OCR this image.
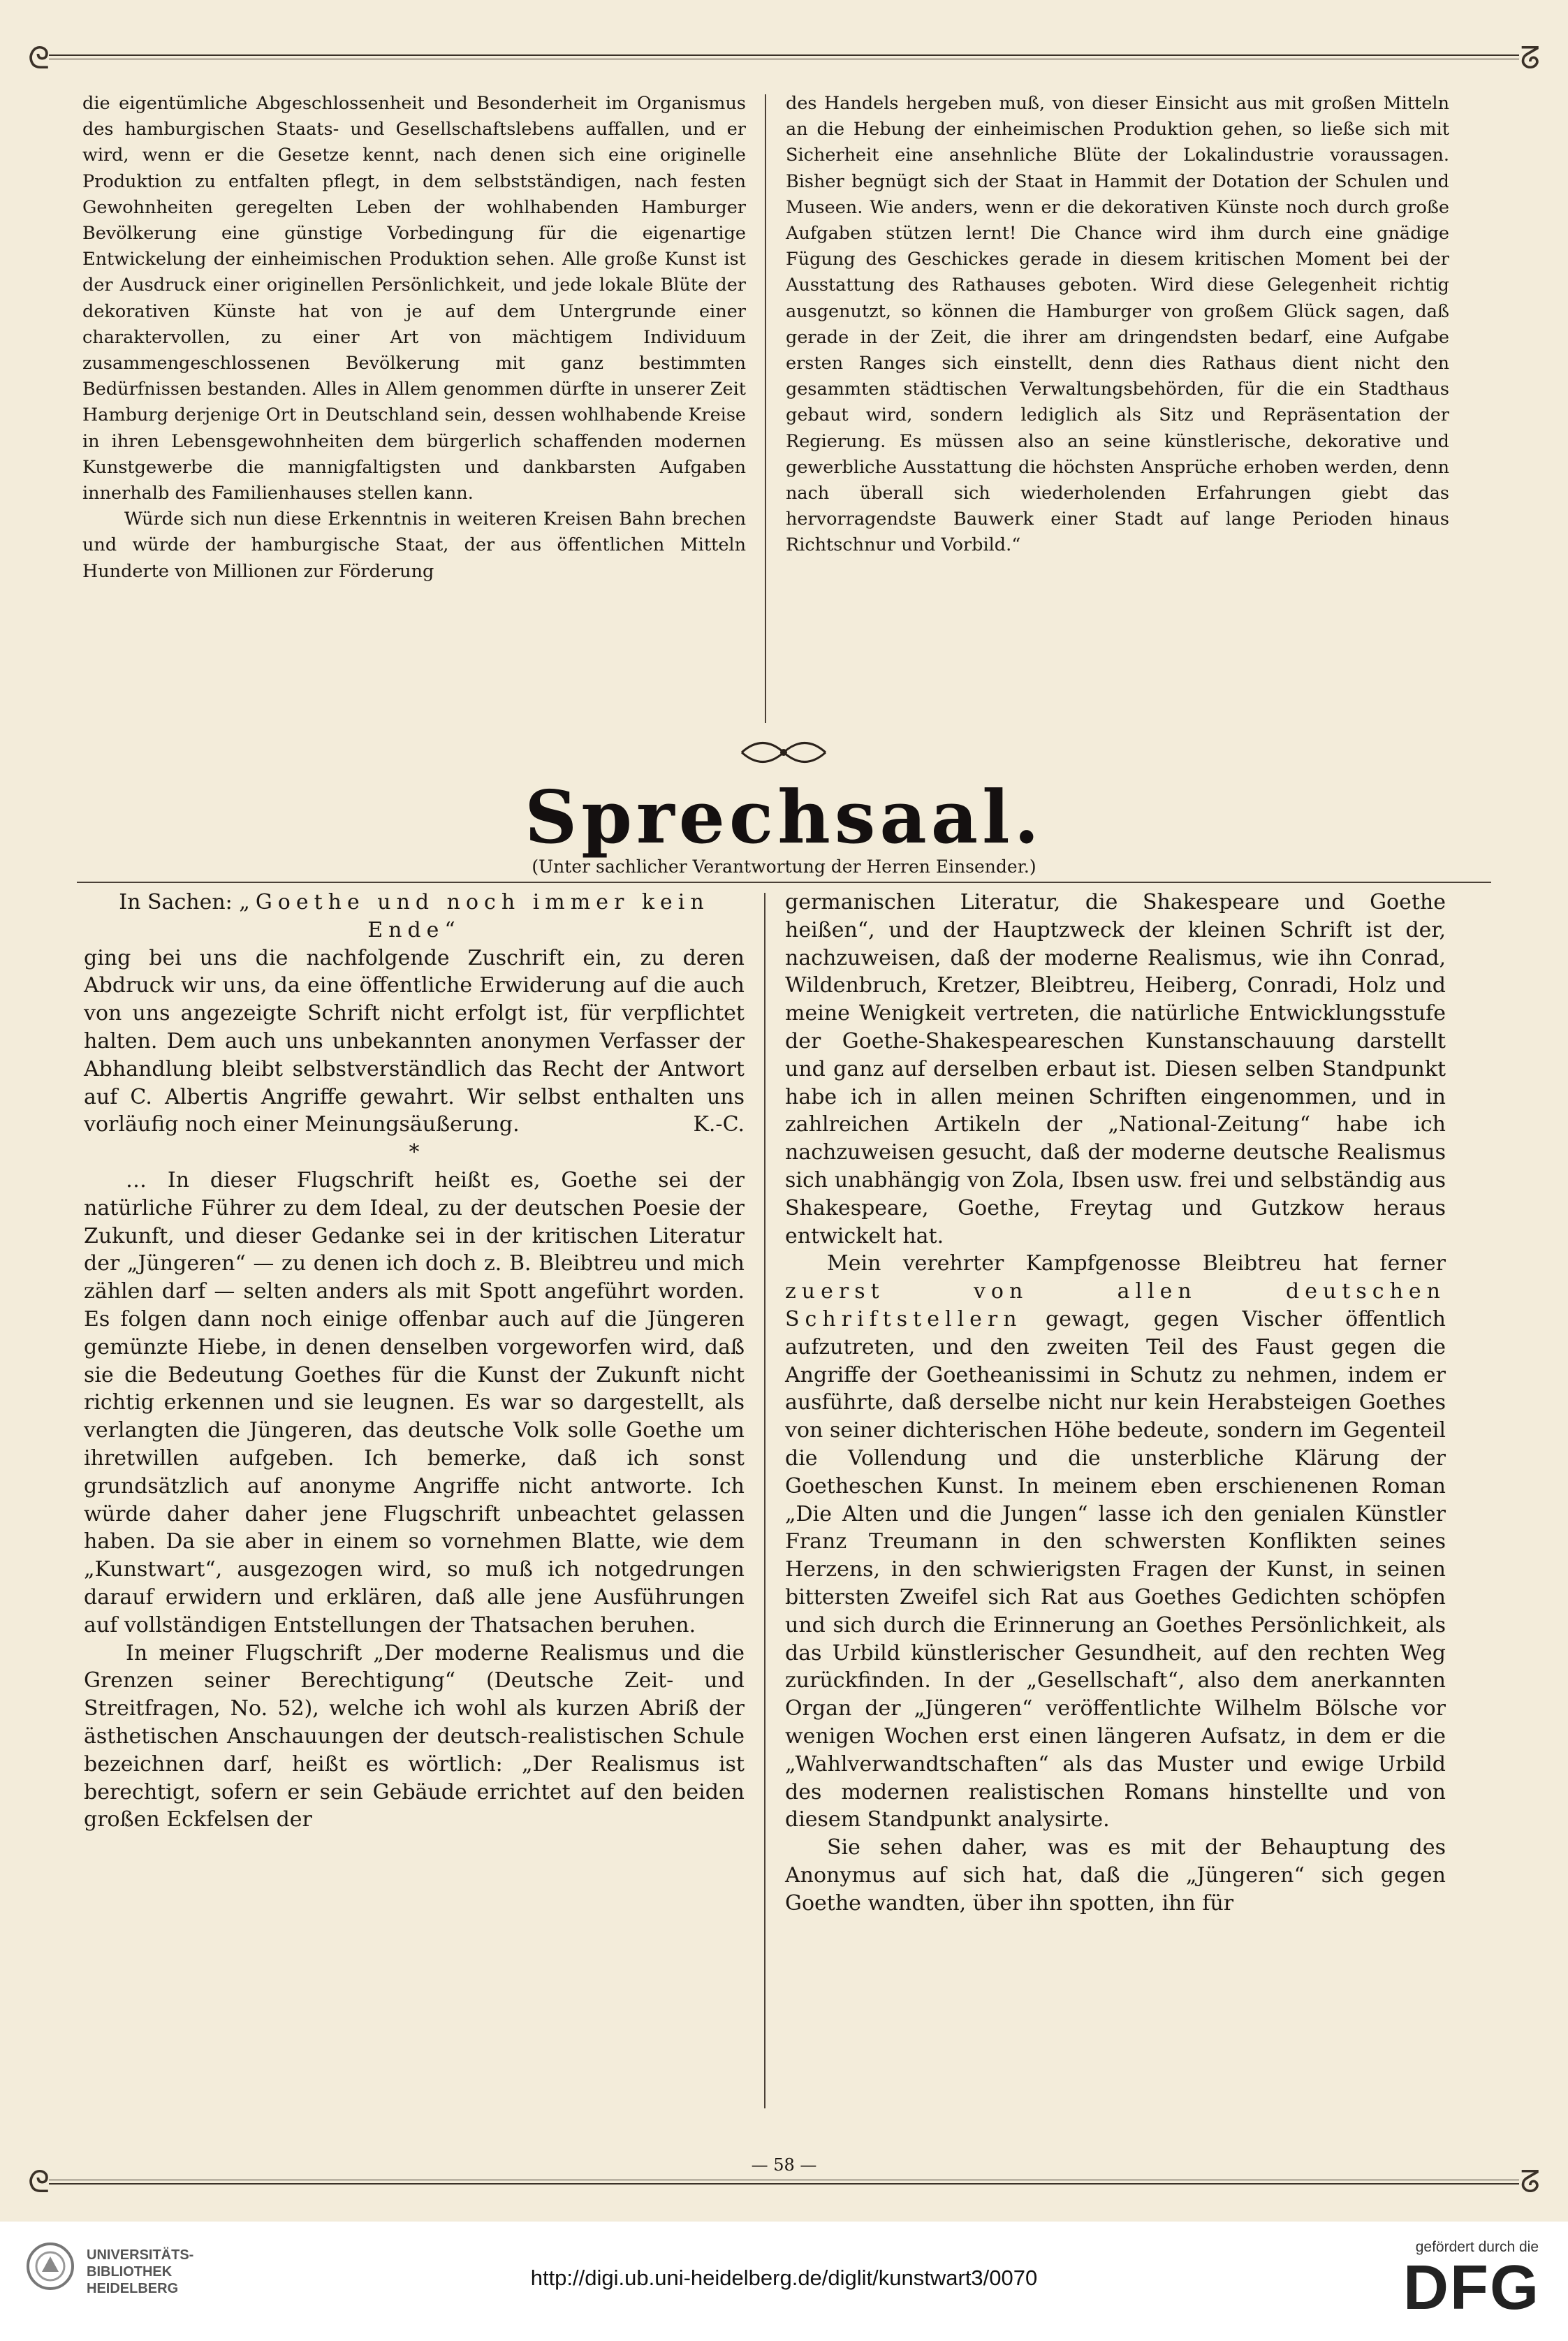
ᘓ	ᘔ

die eigentümliche Abgeschlossenheit und Besonderheit im Organismus des hamburgischen Staats- und Gesellschaftslebens auffallen, und er wird, wenn er die Gesetze kennt, nach denen sich eine originelle Produktion zu entfalten pflegt, in dem selbstständigen, nach festen Gewohnheiten geregelten Leben der wohlhabenden Hamburger Bevölkerung eine günstige Vorbedingung für die eigenartige Entwickelung der einheimischen Produktion sehen. Alle große Kunst ist der Ausdruck einer originellen Persönlichkeit, und jede lokale Blüte der dekorativen Künste hat von je auf dem Untergrunde einer charaktervollen, zu einer Art von mächtigem Individuum zusammengeschlossenen Bevölkerung mit ganz bestimmten Bedürfnissen bestanden. Alles in Allem genommen dürfte in unserer Zeit Hamburg derjenige Ort in Deutschland sein, dessen wohlhabende Kreise in ihren Lebensgewohnheiten dem bürgerlich schaffenden modernen Kunstgewerbe die mannigfaltigsten und dankbarsten Aufgaben innerhalb des Familienhauses stellen kann.

Würde sich nun diese Erkenntnis in weiteren Kreisen Bahn brechen und würde der hamburgische Staat, der aus öffentlichen Mitteln Hunderte von Millionen zur Förderung

des Handels hergeben muß, von dieser Einsicht aus mit großen Mitteln an die Hebung der einheimischen Produktion gehen, so ließe sich mit Sicherheit eine ansehnliche Blüte der Lokalindustrie voraussagen. Bisher begnügt sich der Staat in Hammit der Dotation der Schulen und Museen. Wie anders, wenn er die dekorativen Künste noch durch große Aufgaben stützen lernt! Die Chance wird ihm durch eine gnädige Fügung des Geschickes gerade in diesem kritischen Moment bei der Ausstattung des Rathauses geboten. Wird diese Gelegenheit richtig ausgenutzt, so können die Hamburger von großem Glück sagen, daß gerade in der Zeit, die ihrer am dringendsten bedarf, eine Aufgabe ersten Ranges sich einstellt, denn dies Rathaus dient nicht den gesammten städtischen Verwaltungsbehörden, für die ein Stadthaus gebaut wird, sondern lediglich als Sitz und Repräsentation der Regierung. Es müssen also an seine künstlerische, dekorative und gewerbliche Ausstattung die höchsten Ansprüche erhoben werden, denn nach überall sich wiederholenden Erfahrungen giebt das hervorragendste Bauwerk einer Stadt auf lange Perioden hinaus Richtschnur und Vorbild.“

Sprechsaal.
(Unter sachlicher Verantwortung der Herren Einsender.)

In Sachen: „Goethe und noch immer kein Ende“

ging bei uns die nachfolgende Zuschrift ein, zu deren Abdruck wir uns, da eine öffentliche Erwiderung auf die auch von uns angezeigte Schrift nicht erfolgt ist, für verpflichtet halten. Dem auch uns unbekannten anonymen Verfasser der Abhandlung bleibt selbstverständlich das Recht der Antwort auf C. Albertis Angriffe gewahrt. Wir selbst enthalten uns vorläufig noch einer Meinungsäußerung.	K.-C.

*

… In dieser Flugschrift heißt es, Goethe sei der natürliche Führer zu dem Ideal, zu der deutschen Poesie der Zukunft, und dieser Gedanke sei in der kritischen Literatur der „Jüngeren“ — zu denen ich doch z. B. Bleibtreu und mich zählen darf — selten anders als mit Spott angeführt worden. Es folgen dann noch einige offenbar auch auf die Jüngeren gemünzte Hiebe, in denen denselben vorgeworfen wird, daß sie die Bedeutung Goethes für die Kunst der Zukunft nicht richtig erkennen und sie leugnen. Es war so dargestellt, als verlangten die Jüngeren, das deutsche Volk solle Goethe um ihretwillen aufgeben. Ich bemerke, daß ich sonst grundsätzlich auf anonyme Angriffe nicht antworte. Ich würde daher daher jene Flugschrift unbeachtet gelassen haben. Da sie aber in einem so vornehmen Blatte, wie dem „Kunstwart“, ausgezogen wird, so muß ich notgedrungen darauf erwidern und erklären, daß alle jene Ausführungen auf vollständigen Entstellungen der Thatsachen beruhen.

In meiner Flugschrift „Der moderne Realismus und die Grenzen seiner Berechtigung“ (Deutsche Zeit- und Streitfragen, No. 52), welche ich wohl als kurzen Abriß der ästhetischen Anschauungen der deutsch-realistischen Schule bezeichnen darf, heißt es wörtlich: „Der Realismus ist berechtigt, sofern er sein Gebäude errichtet auf den beiden großen Eckfelsen der

germanischen Literatur, die Shakespeare und Goethe heißen“, und der Hauptzweck der kleinen Schrift ist der, nachzuweisen, daß der moderne Realismus, wie ihn Conrad, Wildenbruch, Kretzer, Bleibtreu, Heiberg, Conradi, Holz und meine Wenigkeit vertreten, die natürliche Entwicklungsstufe der Goethe-Shakespeareschen Kunstanschauung darstellt und ganz auf derselben erbaut ist. Diesen selben Standpunkt habe ich in allen meinen Schriften eingenommen, und in zahlreichen Artikeln der „National-Zeitung“ habe ich nachzuweisen gesucht, daß der moderne deutsche Realismus sich unabhängig von Zola, Ibsen usw. frei und selbständig aus Shakespeare, Goethe, Freytag und Gutzkow heraus entwickelt hat.

Mein verehrter Kampfgenosse Bleibtreu hat ferner zuerst von allen deutschen Schriftstellern gewagt, gegen Vischer öffentlich aufzutreten, und den zweiten Teil des Faust gegen die Angriffe der Goetheanissimi in Schutz zu nehmen, indem er ausführte, daß derselbe nicht nur kein Herabsteigen Goethes von seiner dichterischen Höhe bedeute, sondern im Gegenteil die Vollendung und die unsterbliche Klärung der Goetheschen Kunst. In meinem eben erschienenen Roman „Die Alten und die Jungen“ lasse ich den genialen Künstler Franz Treumann in den schwersten Konflikten seines Herzens, in den schwierigsten Fragen der Kunst, in seinen bittersten Zweifel sich Rat aus Goethes Gedichten schöpfen und sich durch die Erinnerung an Goethes Persönlichkeit, als das Urbild künstlerischer Gesundheit, auf den rechten Weg zurückfinden. In der „Gesellschaft“, also dem anerkannten Organ der „Jüngeren“ veröffentlichte Wilhelm Bölsche vor wenigen Wochen erst einen längeren Aufsatz, in dem er die „Wahlverwandtschaften“ als das Muster und ewige Urbild des modernen realistischen Romans hinstellte und von diesem Standpunkt analysirte.

Sie sehen daher, was es mit der Behauptung des Anonymus auf sich hat, daß die „Jüngeren“ sich gegen Goethe wandten, über ihn spotten, ihn für

— 58 —
ᘓ	ᘔ
UNIVERSITÄTS-
BIBLIOTHEK
HEIDELBERG	http://digi.ub.uni-heidelberg.de/diglit/kunstwart3/0070
gefördert durch die
DFG
